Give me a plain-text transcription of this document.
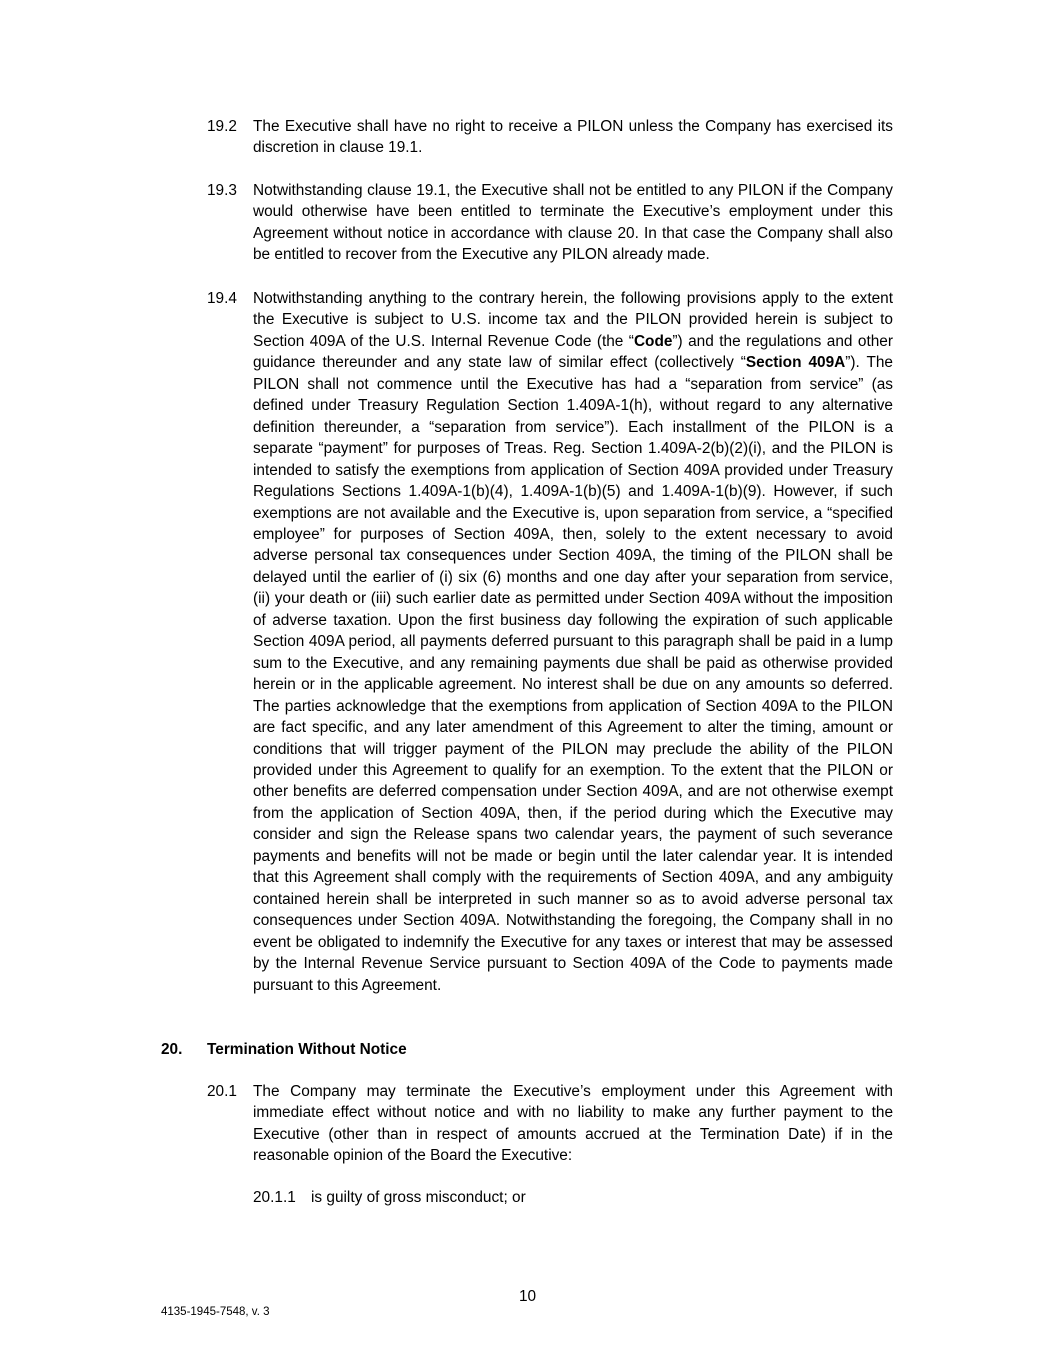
19.2	The Executive shall have no right to receive a PILON unless the Company has exercised its discretion in clause 19.1.
19.3	Notwithstanding clause 19.1, the Executive shall not be entitled to any PILON if the Company would otherwise have been entitled to terminate the Executive’s employment under this Agreement without notice in accordance with clause 20. In that case the Company shall also be entitled to recover from the Executive any PILON already made.
19.4	Notwithstanding anything to the contrary herein, the following provisions apply to the extent the Executive is subject to U.S. income tax and the PILON provided herein is subject to Section 409A of the U.S. Internal Revenue Code (the “Code”) and the regulations and other guidance thereunder and any state law of similar effect (collectively “Section 409A”). The PILON shall not commence until the Executive has had a “separation from service” (as defined under Treasury Regulation Section 1.409A-1(h), without regard to any alternative definition thereunder, a “separation from service”). Each installment of the PILON is a separate “payment” for purposes of Treas. Reg. Section 1.409A-2(b)(2)(i), and the PILON is intended to satisfy the exemptions from application of Section 409A provided under Treasury Regulations Sections 1.409A-1(b)(4), 1.409A-1(b)(5) and 1.409A-1(b)(9). However, if such exemptions are not available and the Executive is, upon separation from service, a “specified employee” for purposes of Section 409A, then, solely to the extent necessary to avoid adverse personal tax consequences under Section 409A, the timing of the PILON shall be delayed until the earlier of (i) six (6) months and one day after your separation from service, (ii) your death or (iii) such earlier date as permitted under Section 409A without the imposition of adverse taxation. Upon the first business day following the expiration of such applicable Section 409A period, all payments deferred pursuant to this paragraph shall be paid in a lump sum to the Executive, and any remaining payments due shall be paid as otherwise provided herein or in the applicable agreement. No interest shall be due on any amounts so deferred. The parties acknowledge that the exemptions from application of Section 409A to the PILON are fact specific, and any later amendment of this Agreement to alter the timing, amount or conditions that will trigger payment of the PILON may preclude the ability of the PILON provided under this Agreement to qualify for an exemption. To the extent that the PILON or other benefits are deferred compensation under Section 409A, and are not otherwise exempt from the application of Section 409A, then, if the period during which the Executive may consider and sign the Release spans two calendar years, the payment of such severance payments and benefits will not be made or begin until the later calendar year. It is intended that this Agreement shall comply with the requirements of Section 409A, and any ambiguity contained herein shall be interpreted in such manner so as to avoid adverse personal tax consequences under Section 409A. Notwithstanding the foregoing, the Company shall in no event be obligated to indemnify the Executive for any taxes or interest that may be assessed by the Internal Revenue Service pursuant to Section 409A of the Code to payments made pursuant to this Agreement.
20. Termination Without Notice
20.1	The Company may terminate the Executive’s employment under this Agreement with immediate effect without notice and with no liability to make any further payment to the Executive (other than in respect of amounts accrued at the Termination Date) if in the reasonable opinion of the Board the Executive:
20.1.1 is guilty of gross misconduct; or
10
4135-1945-7548, v. 3
